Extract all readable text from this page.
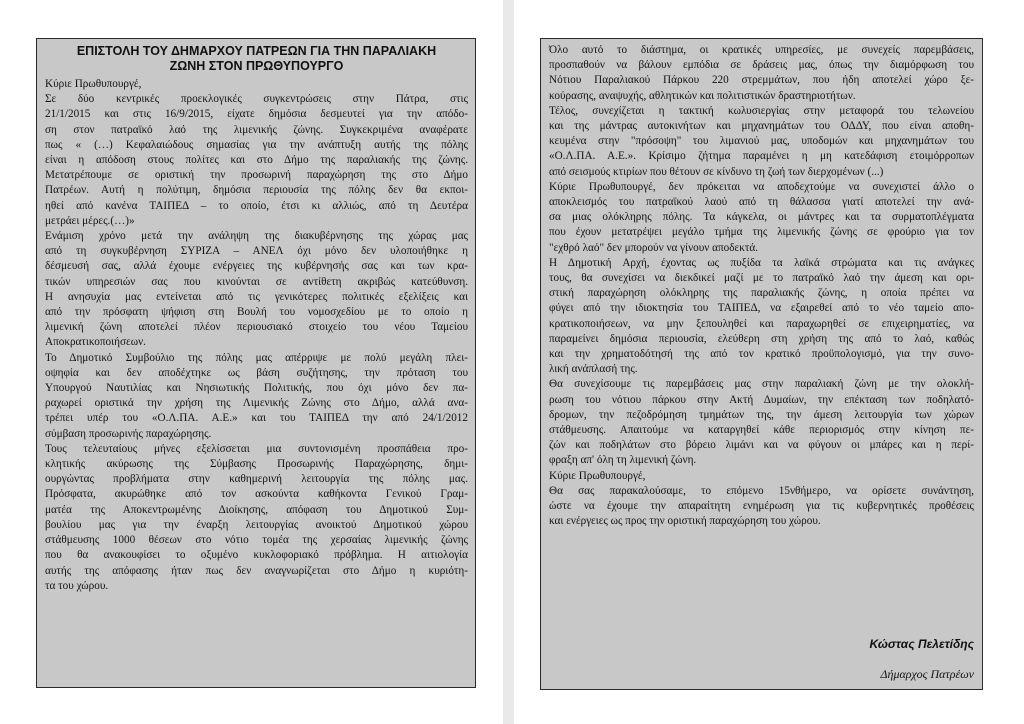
ΕΠΙΣΤΟΛΗ ΤΟΥ ΔΗΜΑΡΧΟΥ ΠΑΤΡΕΩΝ ΓΙΑ ΤΗΝ ΠΑΡΑΛΙΑΚΗ
ΖΩΝΗ ΣΤΟΝ ΠΡΩΘΥΠΟΥΡΓΟ
Κύριε Πρωθυπουργέ,
Σε δύο κεντρικές προεκλογικές συγκεντρώσεις στην Πάτρα, στις
21/1/2015 και στις 16/9/2015, είχατε δημόσια δεσμευτεί για την απόδο-
ση στον πατραϊκό λαό της λιμενικής ζώνης. Συγκεκριμένα αναφέρατε
πως « (…) Κεφαλαιώδους σημασίας για την ανάπτυξη αυτής της πόλης
είναι η απόδοση στους πολίτες και στο Δήμο της παραλιακής της ζώνης.
Μετατρέπουμε σε οριστική την προσωρινή παραχώρηση της στο Δήμο
Πατρέων. Αυτή η πολύτιμη, δημόσια περιουσία της πόλης δεν θα εκποι-
ηθεί από κανένα ΤΑΙΠΕΔ – το οποίο, έτσι κι αλλιώς, από τη Δευτέρα
μετράει μέρες.(…)»
Ενάμιση χρόνο μετά την ανάληψη της διακυβέρνησης της χώρας μας
από τη συγκυβέρνηση ΣΥΡΙΖΑ – ΑΝΕΛ όχι μόνο δεν υλοποιήθηκε η
δέσμευσή σας, αλλά έχουμε ενέργειες της κυβέρνησής σας και των κρα-
τικών υπηρεσιών σας που κινούνται σε αντίθετη ακριβώς κατεύθυνση.
Η ανησυχία μας εντείνεται από τις γενικότερες πολιτικές εξελίξεις και
από την πρόσφατη ψήφιση στη Βουλή του νομοσχεδίου με το οποίο η
λιμενική ζώνη αποτελεί πλέον περιουσιακό στοιχείο του νέου Ταμείου
Αποκρατικοποιήσεων.
Το Δημοτικό Συμβούλιο της πόλης μας απέρριψε με πολύ μεγάλη πλει-
οψηφία και δεν αποδέχτηκε ως βάση συζήτησης, την πρόταση του
Υπουργού Ναυτιλίας και Νησιωτικής Πολιτικής, που όχι μόνο δεν πα-
ραχωρεί οριστικά την χρήση της Λιμενικής Ζώνης στο Δήμο, αλλά ανα-
τρέπει υπέρ του «Ο.Λ.ΠΑ. Α.Ε.» και του ΤΑΙΠΕΔ την από 24/1/2012
σύμβαση προσωρινής παραχώρησης.
Τους τελευταίους μήνες εξελίσσεται μια συντονισμένη προσπάθεια προ-
κλητικής ακύρωσης της Σύμβασης Προσωρινής Παραχώρησης, δημι-
ουργώντας προβλήματα στην καθημερινή λειτουργία της πόλης μας.
Πρόσφατα, ακυρώθηκε από τον ασκούντα καθήκοντα Γενικού Γραμ-
ματέα της Αποκεντρωμένης Διοίκησης, απόφαση του Δημοτικού Συμ-
βουλίου μας για την έναρξη λειτουργίας ανοικτού Δημοτικού χώρου
στάθμευσης 1000 θέσεων στο νότιο τομέα της χερσαίας λιμενικής ζώνης
που θα ανακουφίσει το οξυμένο κυκλοφοριακό πρόβλημα. Η αιτιολογία
αυτής της απόφασης ήταν πως δεν αναγνωρίζεται στο Δήμο η κυριότη-
τα του χώρου.
Όλο αυτό το διάστημα, οι κρατικές υπηρεσίες, με συνεχείς παρεμβάσεις,
προσπαθούν να βάλουν εμπόδια σε δράσεις μας, όπως την διαμόρφωση του
Νότιου Παραλιακού Πάρκου 220 στρεμμάτων, που ήδη αποτελεί χώρο ξε-
κούρασης, αναψυχής, αθλητικών και πολιτιστικών δραστηριοτήτων.
Τέλος, συνεχίζεται η τακτική κωλυσιεργίας στην μεταφορά του τελωνείου
και της μάντρας αυτοκινήτων και μηχανημάτων του ΟΔΔΥ, που είναι αποθη-
κευμένα στην "πρόσοψη" του λιμανιού μας, υποδομών και μηχανημάτων του
«Ο.Λ.ΠΑ. Α.Ε.». Κρίσιμο ζήτημα παραμένει η μη κατεδάφιση ετοιμόρροπων
από σεισμούς κτιρίων που θέτουν σε κίνδυνο τη ζωή των διερχομένων (...)
Κύριε Πρωθυπουργέ, δεν πρόκειται να αποδεχτούμε να συνεχιστεί άλλο ο
αποκλεισμός του πατραϊκού λαού από τη θάλασσα γιατί αποτελεί την ανά-
σα μιας ολόκληρης πόλης. Τα κάγκελα, οι μάντρες και τα συρματοπλέγματα
που έχουν μετατρέψει μεγάλο τμήμα της λιμενικής ζώνης σε φρούριο για τον
"εχθρό λαό" δεν μπορούν να γίνουν αποδεκτά.
Η Δημοτική Αρχή, έχοντας ως πυξίδα τα λαϊκά στρώματα και τις ανάγκες
τους, θα συνεχίσει να διεκδικεί μαζί με το πατραϊκό λαό την άμεση και ορι-
στική παραχώρηση ολόκληρης της παραλιακής ζώνης, η οποία πρέπει να
φύγει από την ιδιοκτησία του ΤΑΙΠΕΔ, να εξαιρεθεί από το νέο ταμείο απο-
κρατικοποιήσεων, να μην ξεπουληθεί και παραχωρηθεί σε επιχειρηματίες, να
παραμείνει δημόσια περιουσία, ελεύθερη στη χρήση της από το λαό, καθώς
και την χρηματοδότησή της από τον κρατικό προϋπολογισμό, για την συνο-
λική ανάπλασή της.
Θα συνεχίσουμε τις παρεμβάσεις μας στην παραλιακή ζώνη με την ολοκλή-
ρωση του νότιου πάρκου στην Ακτή Δυμαίων, την επέκταση των ποδηλατό-
δρομων, την πεζοδρόμηση τμημάτων της, την άμεση λειτουργία των χώρων
στάθμευσης. Απαιτούμε να καταργηθεί κάθε περιορισμός στην κίνηση πε-
ζών και ποδηλάτων στο βόρειο λιμάνι και να φύγουν οι μπάρες και η περί-
φραξη απ' όλη τη λιμενική ζώνη.
Κύριε Πρωθυπουργέ,
Θα σας παρακαλούσαμε, το επόμενο 15νθήμερο, να ορίσετε συνάντηση,
ώστε να έχουμε την απαραίτητη ενημέρωση για τις κυβερνητικές προθέσεις
και ενέργειες ως προς την οριστική παραχώρηση του χώρου.
Κώστας Πελετίδης
Δήμαρχος Πατρέων
